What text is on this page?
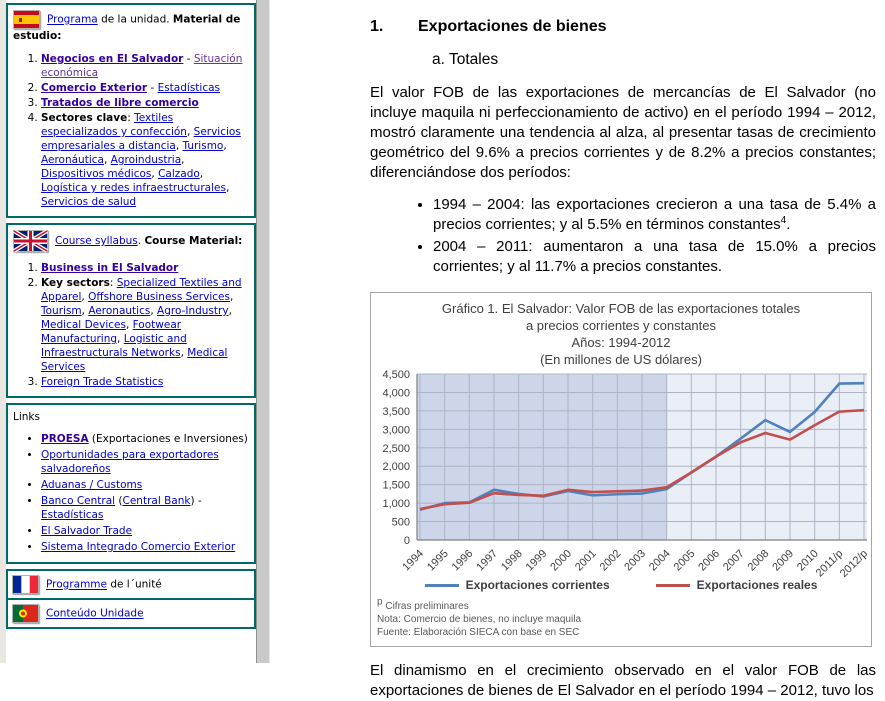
Programa de la unidad. Material de estudio:
1. Negocios en El Salvador - Situación económica
2. Comercio Exterior - Estadísticas
3. Tratados de libre comercio
4. Sectores clave: Textiles especializados y confección, Servicios empresariales a distancia, Turismo, Aeronáutica, Agroindustria, Dispositivos médicos, Calzado, Logística y redes infraestructurales, Servicios de salud
Course syllabus. Course Material:
1. Business in El Salvador
2. Key sectors: Specialized Textiles and Apparel, Offshore Business Services, Tourism, Aeronautics, Agro-Industry, Medical Devices, Footwear Manufacturing, Logistic and Infraestructurals Networks, Medical Services
3. Foreign Trade Statistics
Links
• PROESA (Exportaciones e Inversiones)
• Oportunidades para exportadores salvadoreños
• Aduanas / Customs
• Banco Central (Central Bank) - Estadísticas
• El Salvador Trade
• Sistema Integrado Comercio Exterior
Programme de l´unité

Conteúdo Unidade
1.	Exportaciones de bienes
a. Totales

El valor FOB de las exportaciones de mercancías de El Salvador (no incluye maquila ni perfeccionamiento de activo) en el período 1994 – 2012, mostró claramente una tendencia al alza, al presentar tasas de crecimiento geométrico del 9.6% a precios corrientes y de 8.2% a precios constantes; diferenciándose dos períodos:

• 1994 – 2004: las exportaciones crecieron a una tasa de 5.4% a precios corrientes; y al 5.5% en términos constantes$^4$.
• 2004 – 2011: aumentaron a una tasa de 15.0% a precios corrientes; y al 11.7% a precios constantes.
Gráfico 1. El Salvador: Valor FOB de las exportaciones totales
a precios corrientes y constantes
Años: 1994-2012
(En millones de US dólares)
0
500
1,000
1,500
2,000
2,500
3,000
3,500
4,000
4,500
1994
1995
1996
1997
1998
1999
2000
2001
2002
2003
2004
2005
2006
2007
2008
2009
2010
2011/p
2012/p
Exportaciones corrientes	Exportaciones reales
$^p$ Cifras preliminares
Nota: Comercio de bienes, no incluye maquila
Fuente: Elaboración SIECA con base en SEC

El dinamismo en el crecimiento observado en el valor FOB de las exportaciones de bienes de El Salvador en el período 1994 – 2012, tuvo los
